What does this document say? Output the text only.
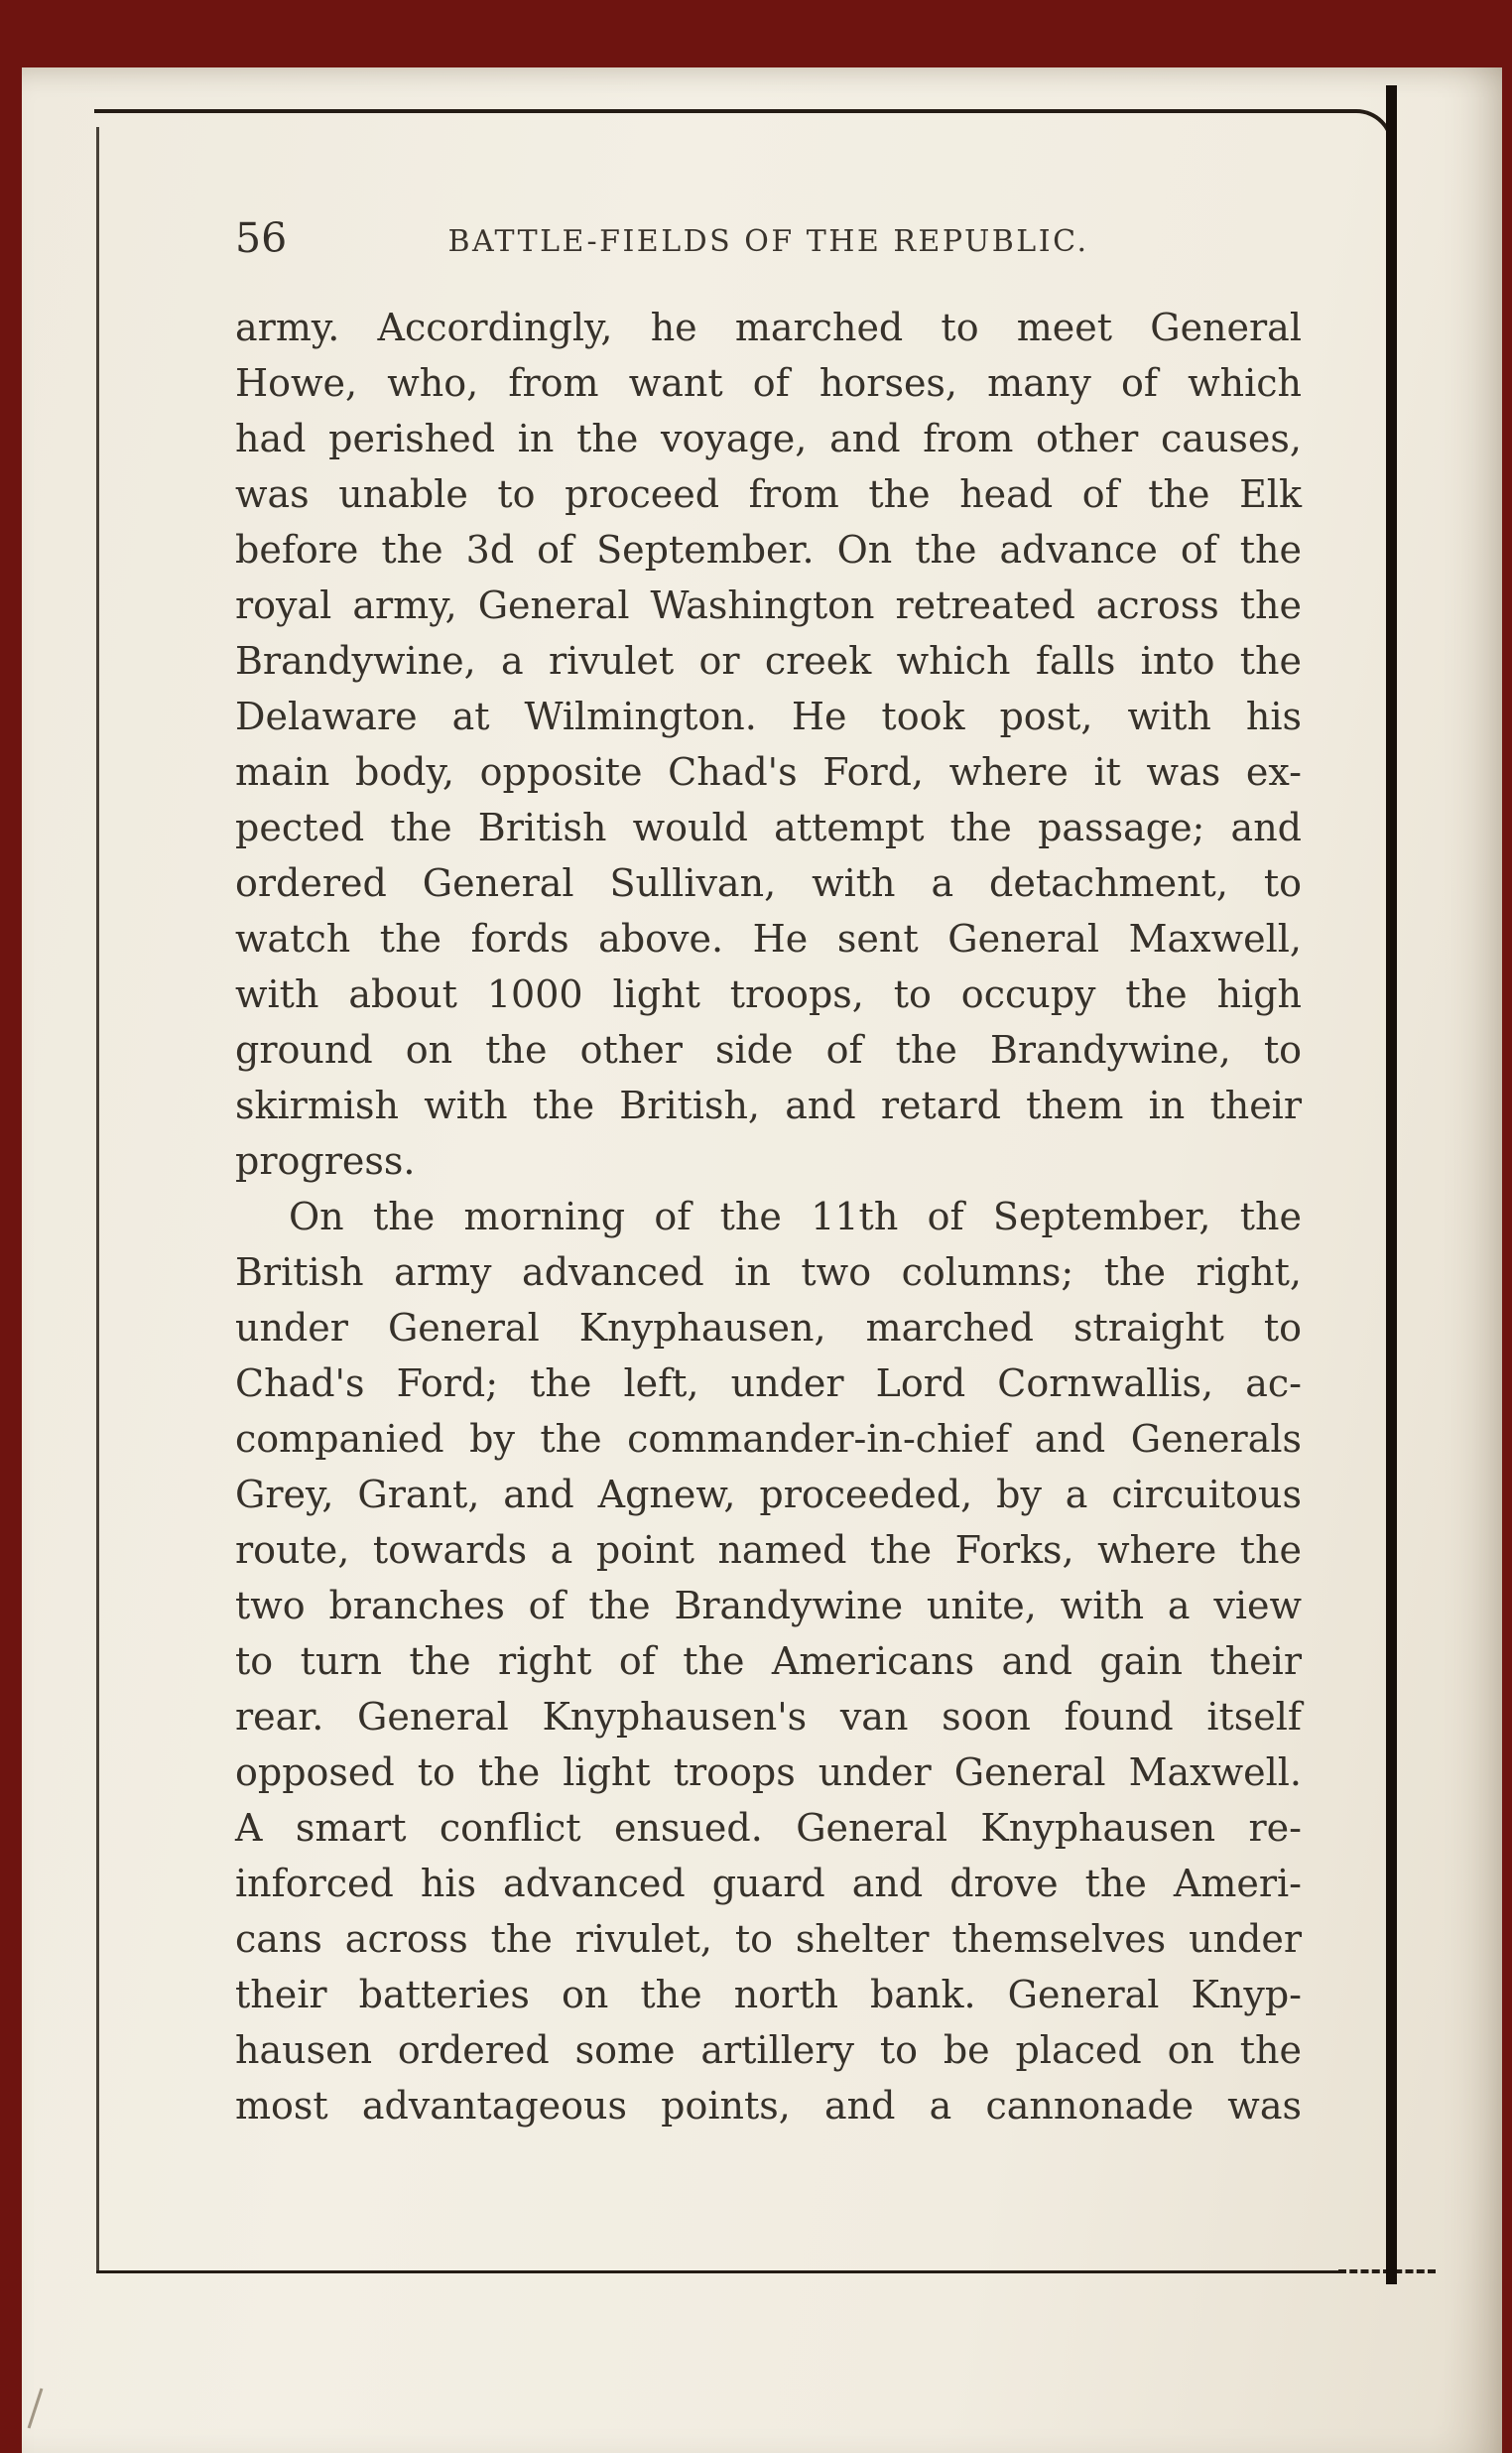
56	BATTLE-FIELDS OF THE REPUBLIC.
army. Accordingly, he marched to meet General
Howe, who, from want of horses, many of which
had perished in the voyage, and from other causes,
was unable to proceed from the head of the Elk
before the 3d of September. On the advance of the
royal army, General Washington retreated across the
Brandywine, a rivulet or creek which falls into the
Delaware at Wilmington. He took post, with his
main body, opposite Chad's Ford, where it was ex-
pected the British would attempt the passage; and
ordered General Sullivan, with a detachment, to
watch the fords above. He sent General Maxwell,
with about 1000 light troops, to occupy the high
ground on the other side of the Brandywine, to
skirmish with the British, and retard them in their
progress.
On the morning of the 11th of September, the
British army advanced in two columns; the right,
under General Knyphausen, marched straight to
Chad's Ford; the left, under Lord Cornwallis, ac-
companied by the commander-in-chief and Generals
Grey, Grant, and Agnew, proceeded, by a circuitous
route, towards a point named the Forks, where the
two branches of the Brandywine unite, with a view
to turn the right of the Americans and gain their
rear. General Knyphausen's van soon found itself
opposed to the light troops under General Maxwell.
A smart conflict ensued. General Knyphausen re-
inforced his advanced guard and drove the Ameri-
cans across the rivulet, to shelter themselves under
their batteries on the north bank. General Knyp-
hausen ordered some artillery to be placed on the
most advantageous points, and a cannonade was
